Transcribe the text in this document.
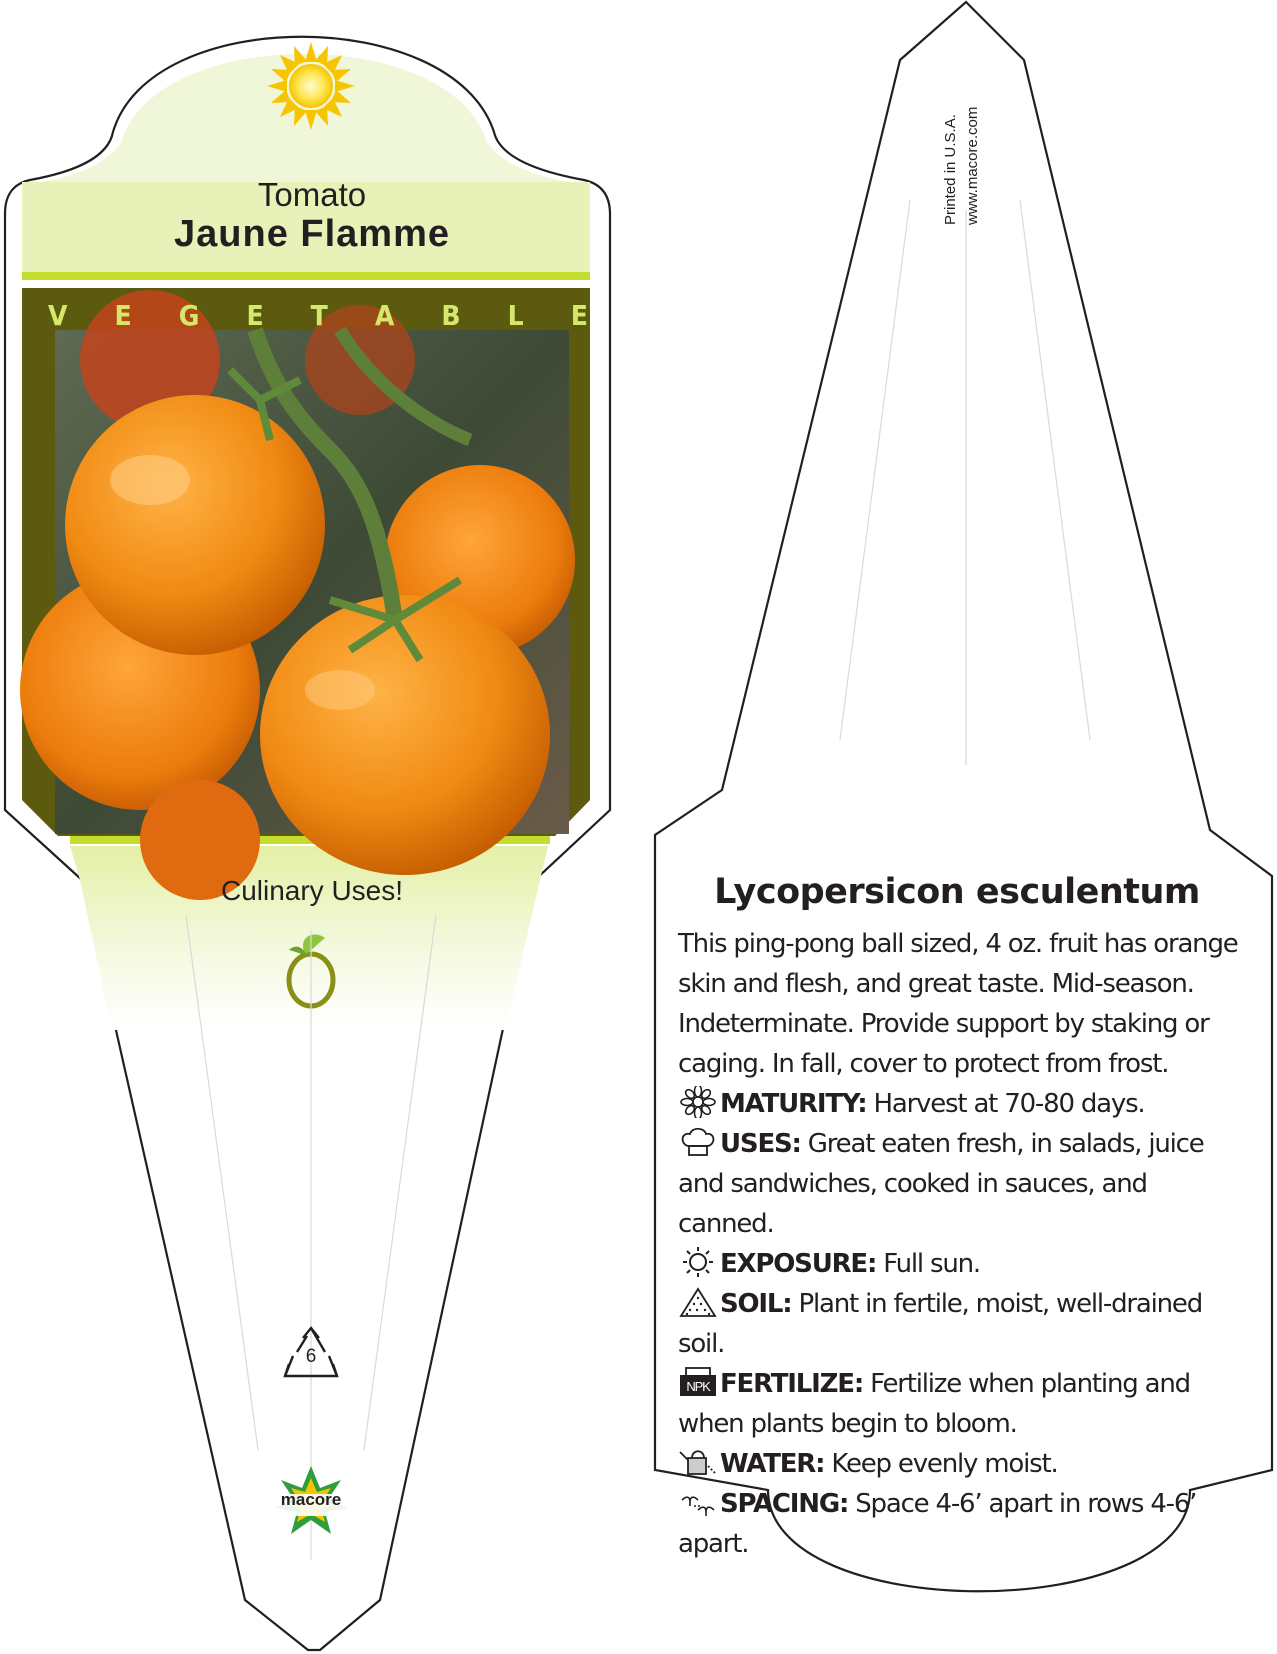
Tomato
Jaune Flamme
V E G E T A B L E
Culinary Uses!
6
macore
Printed in U.S.A. www.macore.com
Lycopersicon esculentum
This ping-pong ball sized, 4 oz. fruit has orange skin and flesh, and great taste. Mid-season. Indeterminate. Provide support by staking or caging. In fall, cover to protect from frost.
MATURITY: Harvest at 70-80 days.
USES: Great eaten fresh, in salads, juice and sandwiches, cooked in sauces, and canned.
EXPOSURE: Full sun.
SOIL: Plant in fertile, moist, well-drained soil.
NPK FERTILIZE: Fertilize when planting and when plants begin to bloom.
WATER: Keep evenly moist.
SPACING: Space 4-6’ apart in rows 4-6’ apart.
